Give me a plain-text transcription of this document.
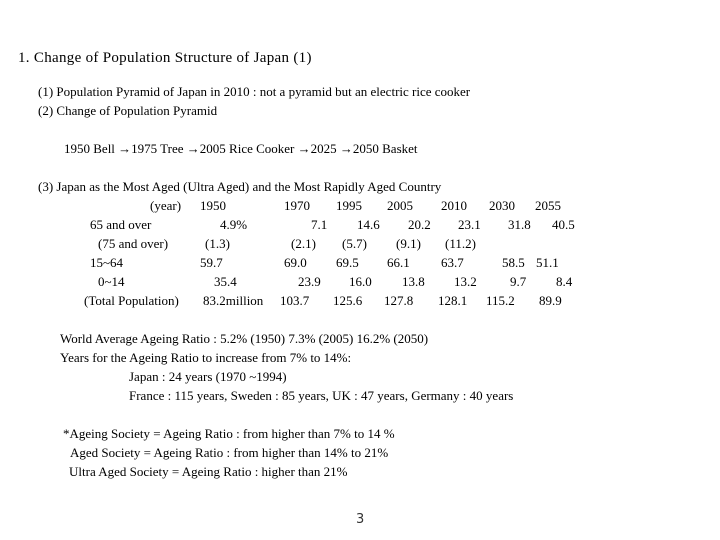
1. Change of Population Structure of Japan (1)
(1) Population Pyramid of Japan in 2010 : not a pyramid but an electric rice cooker
(2) Change of Population Pyramid
1950 Bell →1975 Tree →2005 Rice Cooker →2025 →2050 Basket
(3) Japan as the Most Aged (Ultra Aged) and the Most Rapidly Aged Country
(year) 1950	1970 1995 2005 2010 2030 2055
65 and over	4.9%	7.1 14.6 20.2 23.1 31.8 40.5
(75 and over)	(1.3)	(2.1) (5.7) (9.1) (11.2)
15~64	59.7	69.0 69.5 66.1 63.7	58.5 51.1
0~14	35.4	23.9 16.0 13.8 13.2	9.7 8.4
(Total Population) 83.2million 103.7 125.6 127.8 128.1 115.2 89.9
World Average Ageing Ratio : 5.2% (1950) 7.3% (2005) 16.2% (2050)
Years for the Ageing Ratio to increase from 7% to 14%:
Japan : 24 years (1970 ~1994)
France : 115 years, Sweden : 85 years, UK : 47 years, Germany : 40 years
*Ageing Society = Ageing Ratio : from higher than 7% to 14 %
Aged Society = Ageing Ratio : from higher than 14% to 21%
Ultra Aged Society = Ageing Ratio : higher than 21%
3
